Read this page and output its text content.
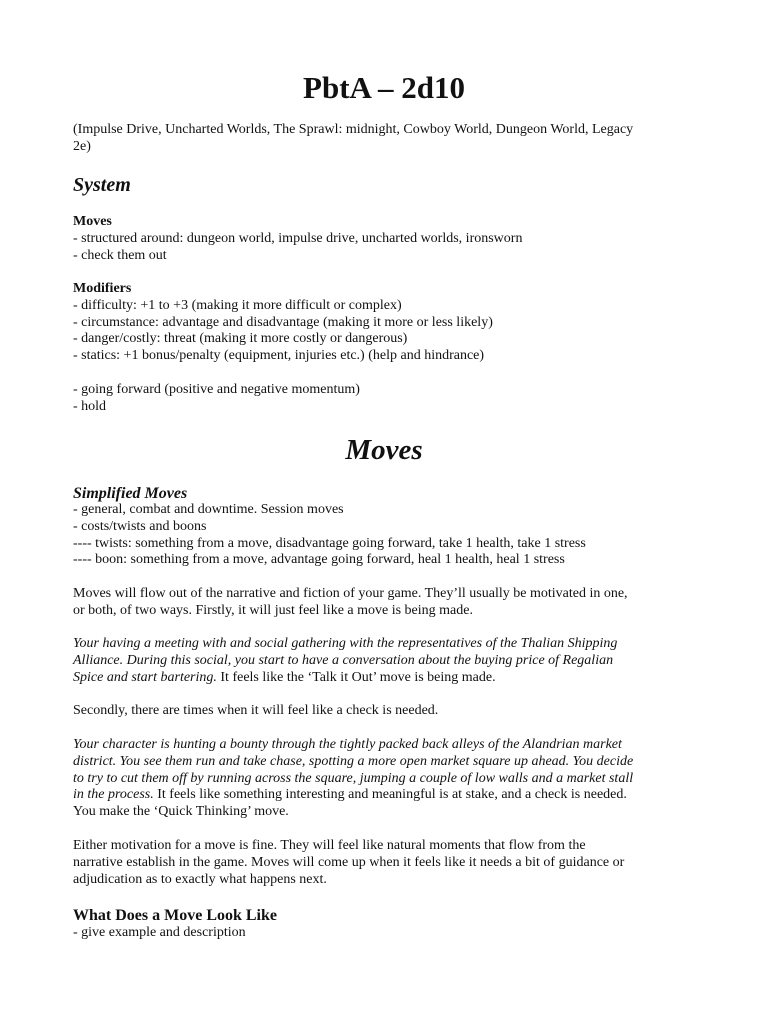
PbtA – 2d10

(Impulse Drive, Uncharted Worlds, The Sprawl: midnight, Cowboy World, Dungeon World, Legacy
2e)

System
Moves
- structured around: dungeon world, impulse drive, uncharted worlds, ironsworn
- check them out
Modifiers
- difficulty: +1 to +3 (making it more difficult or complex)
- circumstance: advantage and disadvantage (making it more or less likely)
- danger/costly: threat (making it more costly or dangerous)
- statics: +1 bonus/penalty (equipment, injuries etc.) (help and hindrance)
- going forward (positive and negative momentum)
- hold
Moves
Simplified Moves
- general, combat and downtime. Session moves
- costs/twists and boons
---- twists: something from a move, disadvantage going forward, take 1 health, take 1 stress
---- boon: something from a move, advantage going forward, heal 1 health, heal 1 stress

Moves will flow out of the narrative and fiction of your game. They’ll usually be motivated in one,
or both, of two ways. Firstly, it will just feel like a move is being made.

Your having a meeting with and social gathering with the representatives of the Thalian Shipping
Alliance. During this social, you start to have a conversation about the buying price of Regalian
Spice and start bartering. It feels like the ‘Talk it Out’ move is being made.

Secondly, there are times when it will feel like a check is needed.

Your character is hunting a bounty through the tightly packed back alleys of the Alandrian market
district. You see them run and take chase, spotting a more open market square up ahead. You decide
to try to cut them off by running across the square, jumping a couple of low walls and a market stall
in the process. It feels like something interesting and meaningful is at stake, and a check is needed.
You make the ‘Quick Thinking’ move.

Either motivation for a move is fine. They will feel like natural moments that flow from the
narrative establish in the game. Moves will come up when it feels like it needs a bit of guidance or
adjudication as to exactly what happens next.

What Does a Move Look Like
- give example and description
